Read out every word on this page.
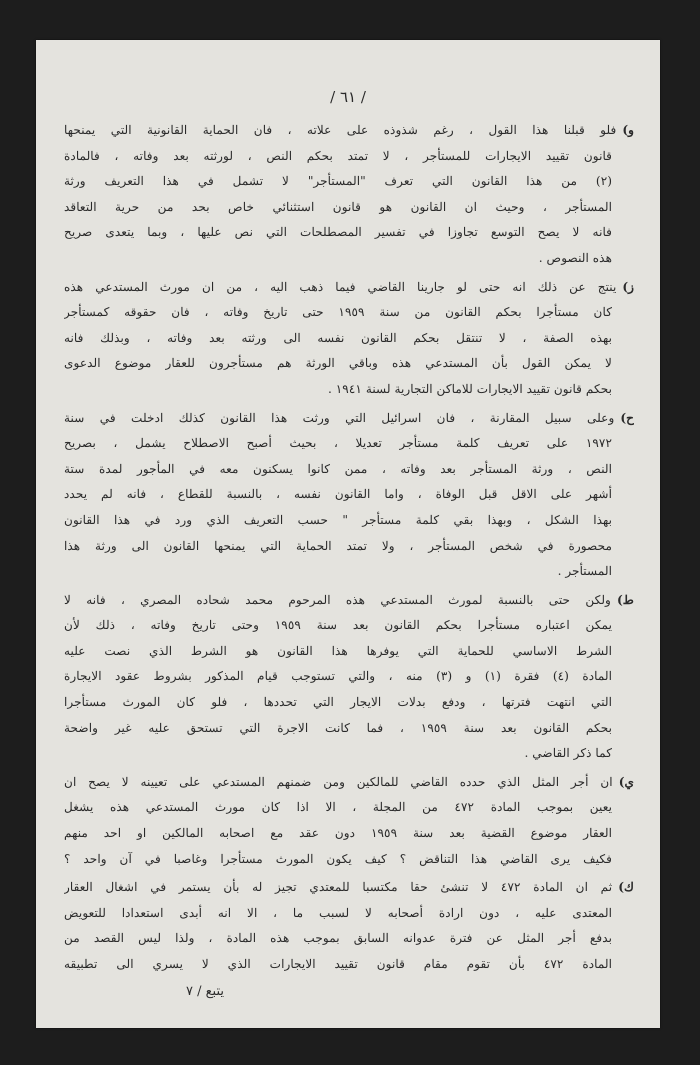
/ ٦١ /
و)فلو قبلنا هذا القول ، رغم شذوذه على علاته ، فان الحماية القانونية التي يمنحها
قانون تقييد الايجارات للمستأجر ، لا تمتد بحكم النص ، لورثته بعد وفاته ، فالمادة
(٢) من هذا القانون التي تعرف "المستأجر" لا تشمل في هذا التعريف ورثة
المستأجر ، وحيث ان القانون هو قانون استثنائي خاص بحد من حرية التعاقد
فانه لا يصح التوسع تجاوزا في تفسير المصطلحات التي نص عليها ، وبما يتعدى صريح
هذه النصوص .
ز)ينتج عن ذلك انه حتى لو جارينا القاضي فيما ذهب اليه ، من ان مورث المستدعي هذه
كان مستأجرا بحكم القانون من سنة ١٩٥٩ حتى تاريخ وفاته ، فان حقوقه كمستأجر
بهذه الصفة ، لا تنتقل بحكم القانون نفسه الى ورثته بعد وفاته ، وبذلك فانه
لا يمكن القول بأن المستدعي هذه وباقي الورثة هم مستأجرون للعقار موضوع الدعوى
بحكم قانون تقييد الايجارات للاماكن التجارية لسنة ١٩٤١ .
ح)وعلى سبيل المقارنة ، فان اسرائيل التي ورثت هذا القانون كذلك ادخلت في سنة
١٩٧٢ على تعريف كلمة مستأجر تعديلا ، بحيث أصبح الاصطلاح يشمل ، بصريح
النص ، ورثة المستأجر بعد وفاته ، ممن كانوا يسكنون معه في المأجور لمدة ستة
أشهر على الاقل قبل الوفاة ، واما القانون نفسه ، بالنسبة للقطاع ، فانه لم يحدد
بهذا الشكل ، وبهذا بقي كلمة مستأجر " حسب التعريف الذي ورد في هذا القانون
محصورة في شخص المستأجر ، ولا تمتد الحماية التي يمنحها القانون الى ورثة هذا
المستأجر .
ط)ولكن حتى بالنسبة لمورث المستدعي هذه المرحوم محمد شحاده المصري ، فانه لا
يمكن اعتباره مستأجرا بحكم القانون بعد سنة ١٩٥٩ وحتى تاريخ وفاته ، ذلك لأن
الشرط الاساسي للحماية التي يوفرها هذا القانون هو الشرط الذي نصت عليه
المادة (٤) فقرة (١) و (٣) منه ، والتي تستوجب قيام المذكور بشروط عقود الايجارة
التي انتهت فترتها ، ودفع بدلات الايجار التي تحددها ، فلو كان المورث مستأجرا
بحكم القانون بعد سنة ١٩٥٩ ، فما كانت الاجرة التي تستحق عليه غير واضحة
كما ذكر القاضي .
ي)ان أجر المثل الذي حدده القاضي للمالكين ومن ضمنهم المستدعي على تعيينه لا يصح ان
يعين بموجب المادة ٤٧٢ من المجلة ، الا اذا كان مورث المستدعي هذه يشغل
العقار موضوع القضية بعد سنة ١٩٥٩ دون عقد مع اصحابه المالكين او احد منهم
فكيف يرى القاضي هذا التناقض ؟ كيف يكون المورث مستأجرا وغاصبا في آن واحد ؟
ك)ثم ان المادة ٤٧٢ لا تنشئ حقا مكتسبا للمعتدي تجيز له بأن يستمر في اشغال العقار
المعتدى عليه ، دون ارادة أصحابه لا لسبب ما ، الا انه أبدى استعدادا للتعويض
بدفع أجر المثل عن فترة عدوانه السابق بموجب هذه المادة ، ولذا ليس القصد من
المادة ٤٧٢ بأن تقوم مقام قانون تقييد الايجارات الذي لا يسري الى تطبيقه
يتبع / ٧
